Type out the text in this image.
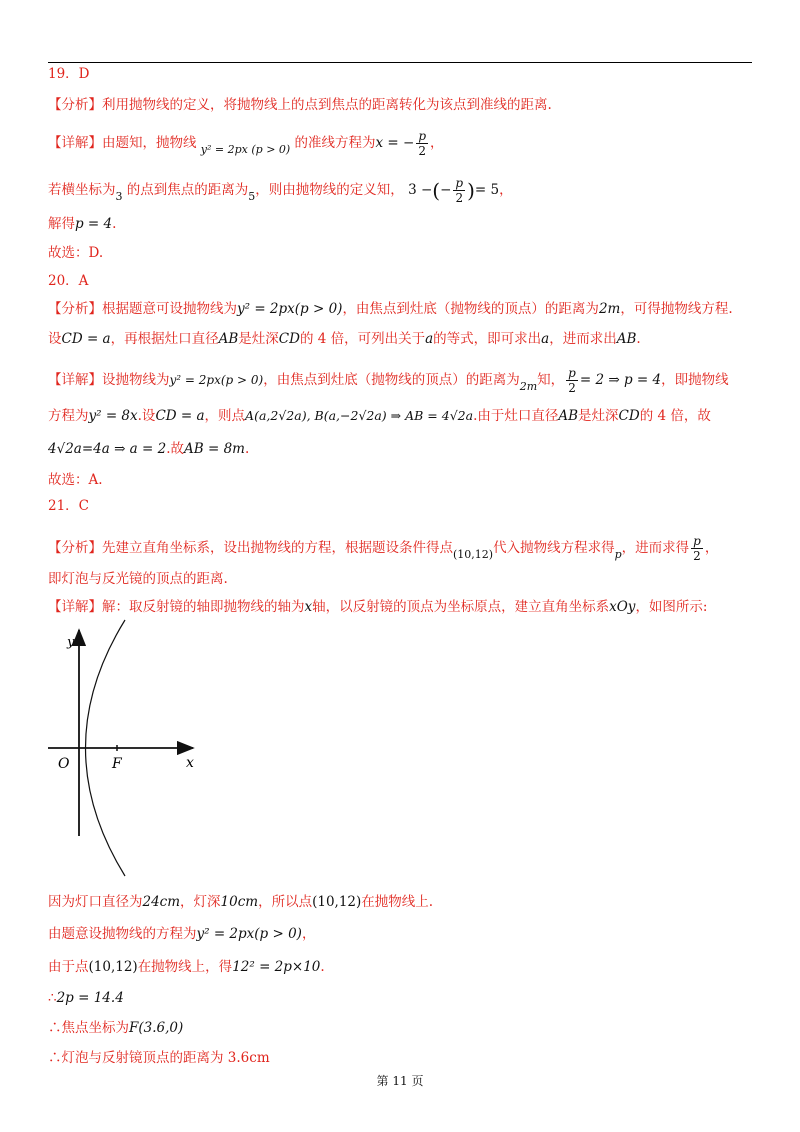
19．D
【分析】利用抛物线的定义，将抛物线上的点到焦点的距离转化为该点到准线的距离.
【详解】由题知，抛物线 $_{y^2 = 2px (p > 0)}$ 的准线方程为x = − $\frac{p}{2}$ ，
若横坐标为$_3$ 的点到焦点的距离为$_5$，则由抛物线的定义知， 3 −(− $\frac{p}{2}$ )= 5，
解得p = 4.
故选：D.
20．A
【分析】根据题意可设抛物线为y² = 2px(p > 0)，由焦点到灶底（抛物线的顶点）的距离为2m，可得抛物线方程.
设CD = a，再根据灶口直径AB是灶深CD的 4 倍，可列出关于a的等式，即可求出a，进而求出AB.
【详解】设抛物线为y² = 2px(p > 0)，由焦点到灶底（抛物线的顶点）的距离为$_{2m}$知， $\frac{p}{2} = 2$ ⇒ p = 4，即抛物线
方程为y² = 8x.设CD = a，则点A(a,2√2a), B(a,−2√2a) ⇒ AB = 4√2a.由于灶口直径AB是灶深CD的 4 倍，故
4√2a=4a ⇒ a = 2.故AB = 8m.
故选：A.
21．C
【分析】先建立直角坐标系，设出抛物线的方程，根据题设条件得点$_{(10,12)}$代入抛物线方程求得$_p$，进而求得 $\frac{p}{2}$ ，
即灯泡与反光镜的顶点的距离.
【详解】解：取反射镜的轴即抛物线的轴为x轴，以反射镜的顶点为坐标原点，建立直角坐标系xOy，如图所示:
y
O	F	x
因为灯口直径为24cm，灯深10cm，所以点(10,12)在抛物线上.
由题意设抛物线的方程为y² = 2px(p > 0)，
由于点(10,12)在抛物线上，得12² = 2p×10.
∴2p = 14.4
∴焦点坐标为F(3.6,0)
∴灯泡与反射镜顶点的距离为 3.6cm
第 11 页
